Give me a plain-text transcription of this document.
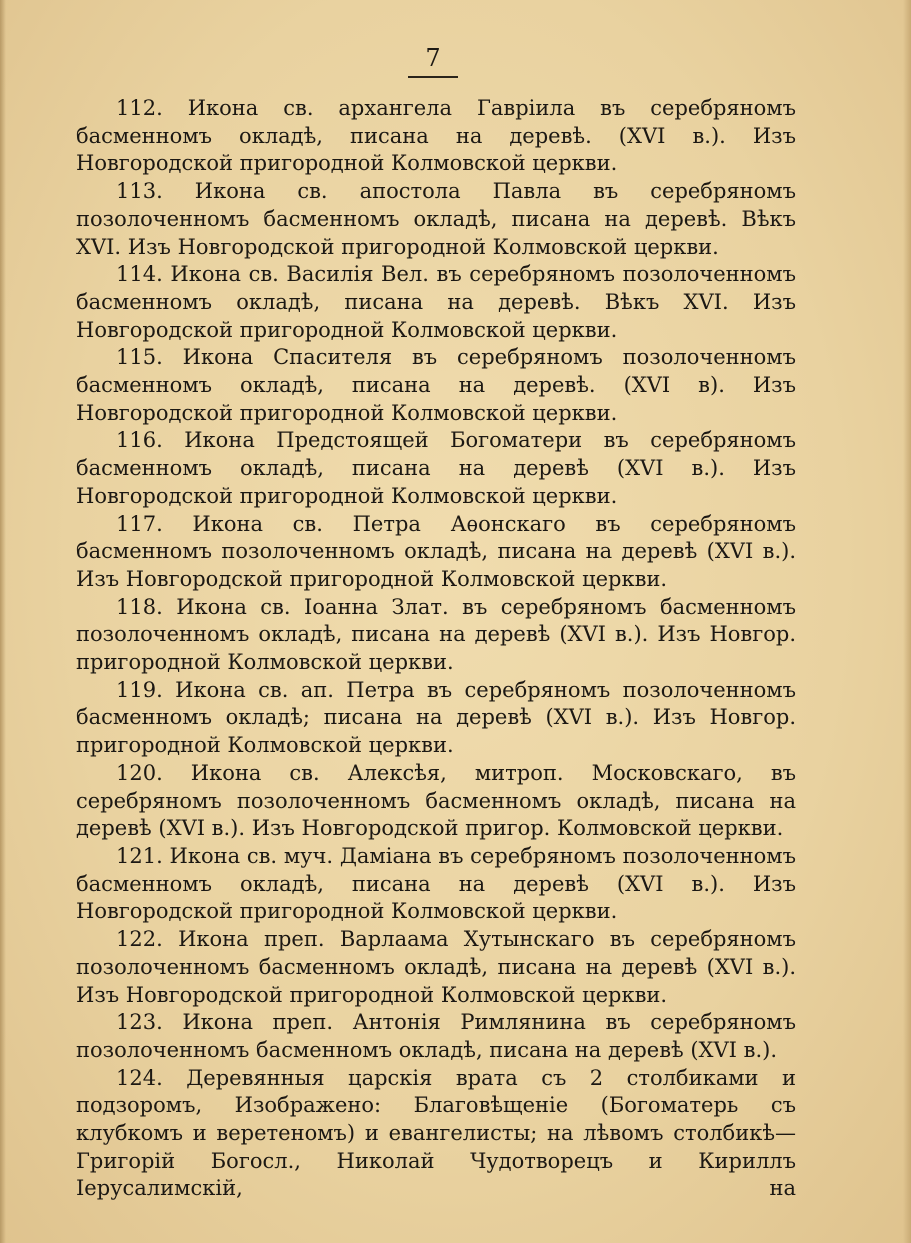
7

112. Икона св. архангела Гаврiила въ серебряномъ басменномъ окладѣ, писана на деревѣ. (XVI в.). Изъ Новгородской пригородной Колмовской церкви.

113. Икона св. апостола Павла въ серебряномъ позолоченномъ басменномъ окладѣ, писана на деревѣ. Вѣкъ XVI. Изъ Новгородской пригородной Колмовской церкви.

114. Икона св. Василiя Вел. въ серебряномъ позолоченномъ басменномъ окладѣ, писана на деревѣ. Вѣкъ XVI. Изъ Новгородской пригородной Колмовской церкви.

115. Икона Спасителя въ серебряномъ позолоченномъ басменномъ окладѣ, писана на деревѣ. (XVI в). Изъ Новгородской пригородной Колмовской церкви.

116. Икона Предстоящей Богоматери въ серебряномъ басменномъ окладѣ, писана на деревѣ (XVI в.). Изъ Новгородской пригородной Колмовской церкви.

117. Икона св. Петра Аѳонскаго въ серебряномъ басменномъ позолоченномъ окладѣ, писана на деревѣ (XVI в.). Изъ Новгородской пригородной Колмовской церкви.

118. Икона св. Iоанна Злат. въ серебряномъ басменномъ позолоченномъ окладѣ, писана на деревѣ (XVI в.). Изъ Новгор. пригородной Колмовской церкви.

119. Икона св. ап. Петра въ серебряномъ позолоченномъ басменномъ окладѣ; писана на деревѣ (XVI в.). Изъ Новгор. пригородной Колмовской церкви.

120. Икона св. Алексѣя, митроп. Московскаго, въ серебряномъ позолоченномъ басменномъ окладѣ, писана на деревѣ (XVI в.). Изъ Новгородской пригор. Колмовской церкви.

121. Икона св. муч. Дамiана въ серебряномъ позолоченномъ басменномъ окладѣ, писана на деревѣ (XVI в.). Изъ Новгородской пригородной Колмовской церкви.

122. Икона преп. Варлаама Хутынскаго въ серебряномъ позолоченномъ басменномъ окладѣ, писана на деревѣ (XVI в.). Изъ Новгородской пригородной Колмовской церкви.

123. Икона преп. Антонiя Римлянина въ серебряномъ позолоченномъ басменномъ окладѣ, писана на деревѣ (XVI в.).

124. Деревянныя царскiя врата съ 2 столбиками и подзоромъ, Изображено: Благовѣщенiе (Богоматерь съ клубкомъ и веретеномъ) и евангелисты; на лѣвомъ столбикѣ—Григорiй Богосл., Николай Чудотворецъ и Кириллъ Iерусалимскiй, на
